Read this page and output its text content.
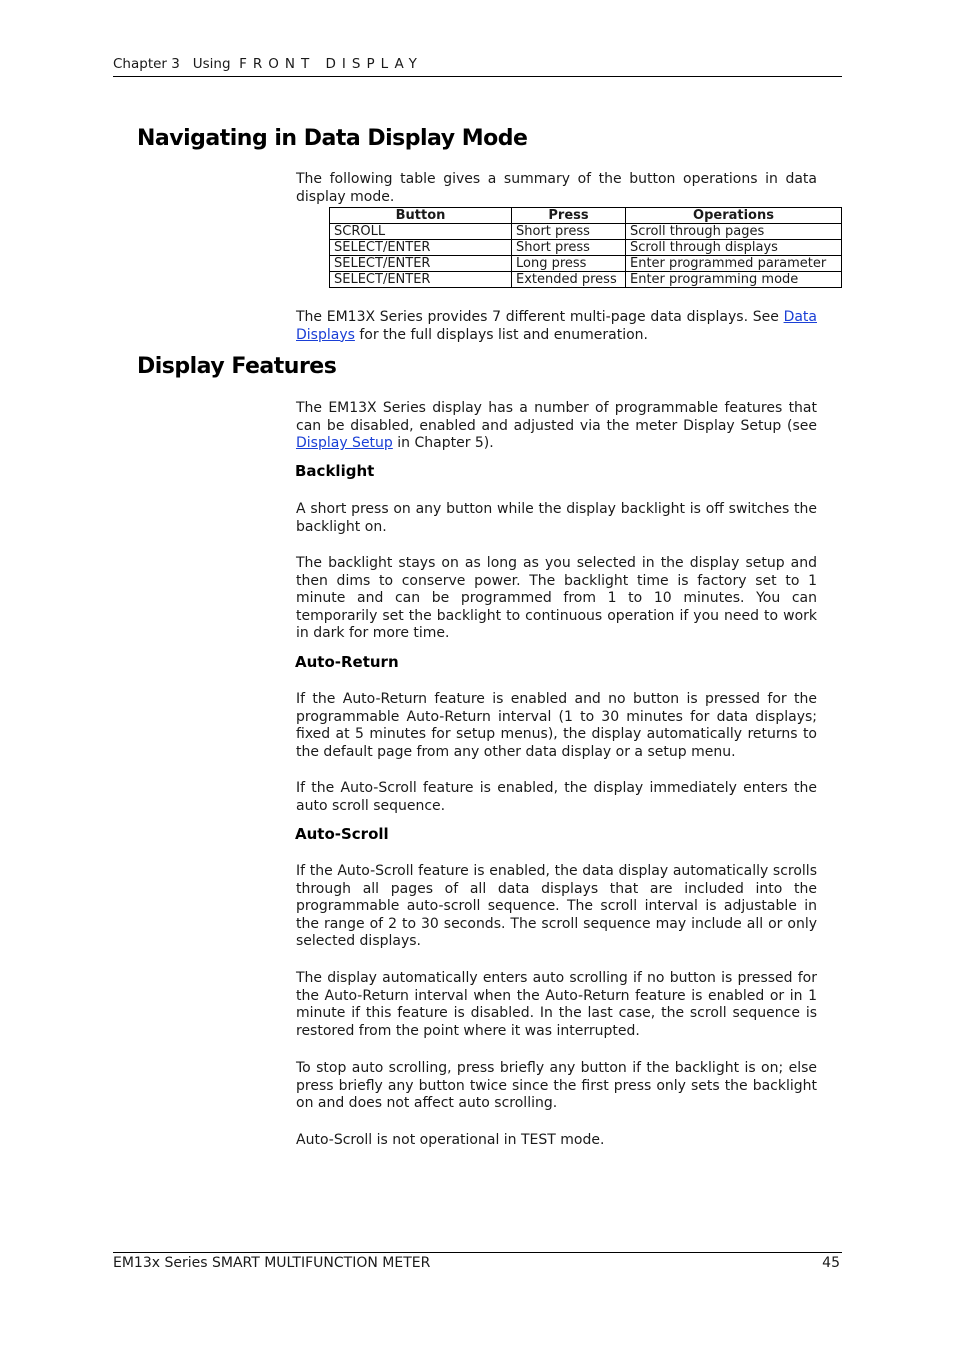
Chapter 3 Using FRONT DISPLAY
Navigating in Data Display Mode

The following table gives a summary of the button operations in data display mode.

Button	Press	Operations
SCROLL	Short press	Scroll through pages
SELECT/ENTER	Short press	Scroll through displays
SELECT/ENTER	Long press	Enter programmed parameter
SELECT/ENTER	Extended press	Enter programming mode

The EM13X Series provides 7 different multi-page data displays. See Data Displays for the full displays list and enumeration.

Display Features

The EM13X Series display has a number of programmable features that can be disabled, enabled and adjusted via the meter Display Setup (see Display Setup in Chapter 5).

Backlight

A short press on any button while the display backlight is off switches the backlight on.

The backlight stays on as long as you selected in the display setup and then dims to conserve power. The backlight time is factory set to 1 minute and can be programmed from 1 to 10 minutes. You can temporarily set the backlight to continuous operation if you need to work in dark for more time.

Auto-Return

If the Auto-Return feature is enabled and no button is pressed for the programmable Auto-Return interval (1 to 30 minutes for data displays; fixed at 5 minutes for setup menus), the display automatically returns to the default page from any other data display or a setup menu.

If the Auto-Scroll feature is enabled, the display immediately enters the auto scroll sequence.

Auto-Scroll

If the Auto-Scroll feature is enabled, the data display automatically scrolls through all pages of all data displays that are included into the programmable auto-scroll sequence. The scroll interval is adjustable in the range of 2 to 30 seconds. The scroll sequence may include all or only selected displays.

The display automatically enters auto scrolling if no button is pressed for the Auto-Return interval when the Auto-Return feature is enabled or in 1 minute if this feature is disabled. In the last case, the scroll sequence is restored from the point where it was interrupted.

To stop auto scrolling, press briefly any button if the backlight is on; else press briefly any button twice since the first press only sets the backlight on and does not affect auto scrolling.

Auto-Scroll is not operational in TEST mode.

EM13x Series SMART MULTIFUNCTION METER	45
